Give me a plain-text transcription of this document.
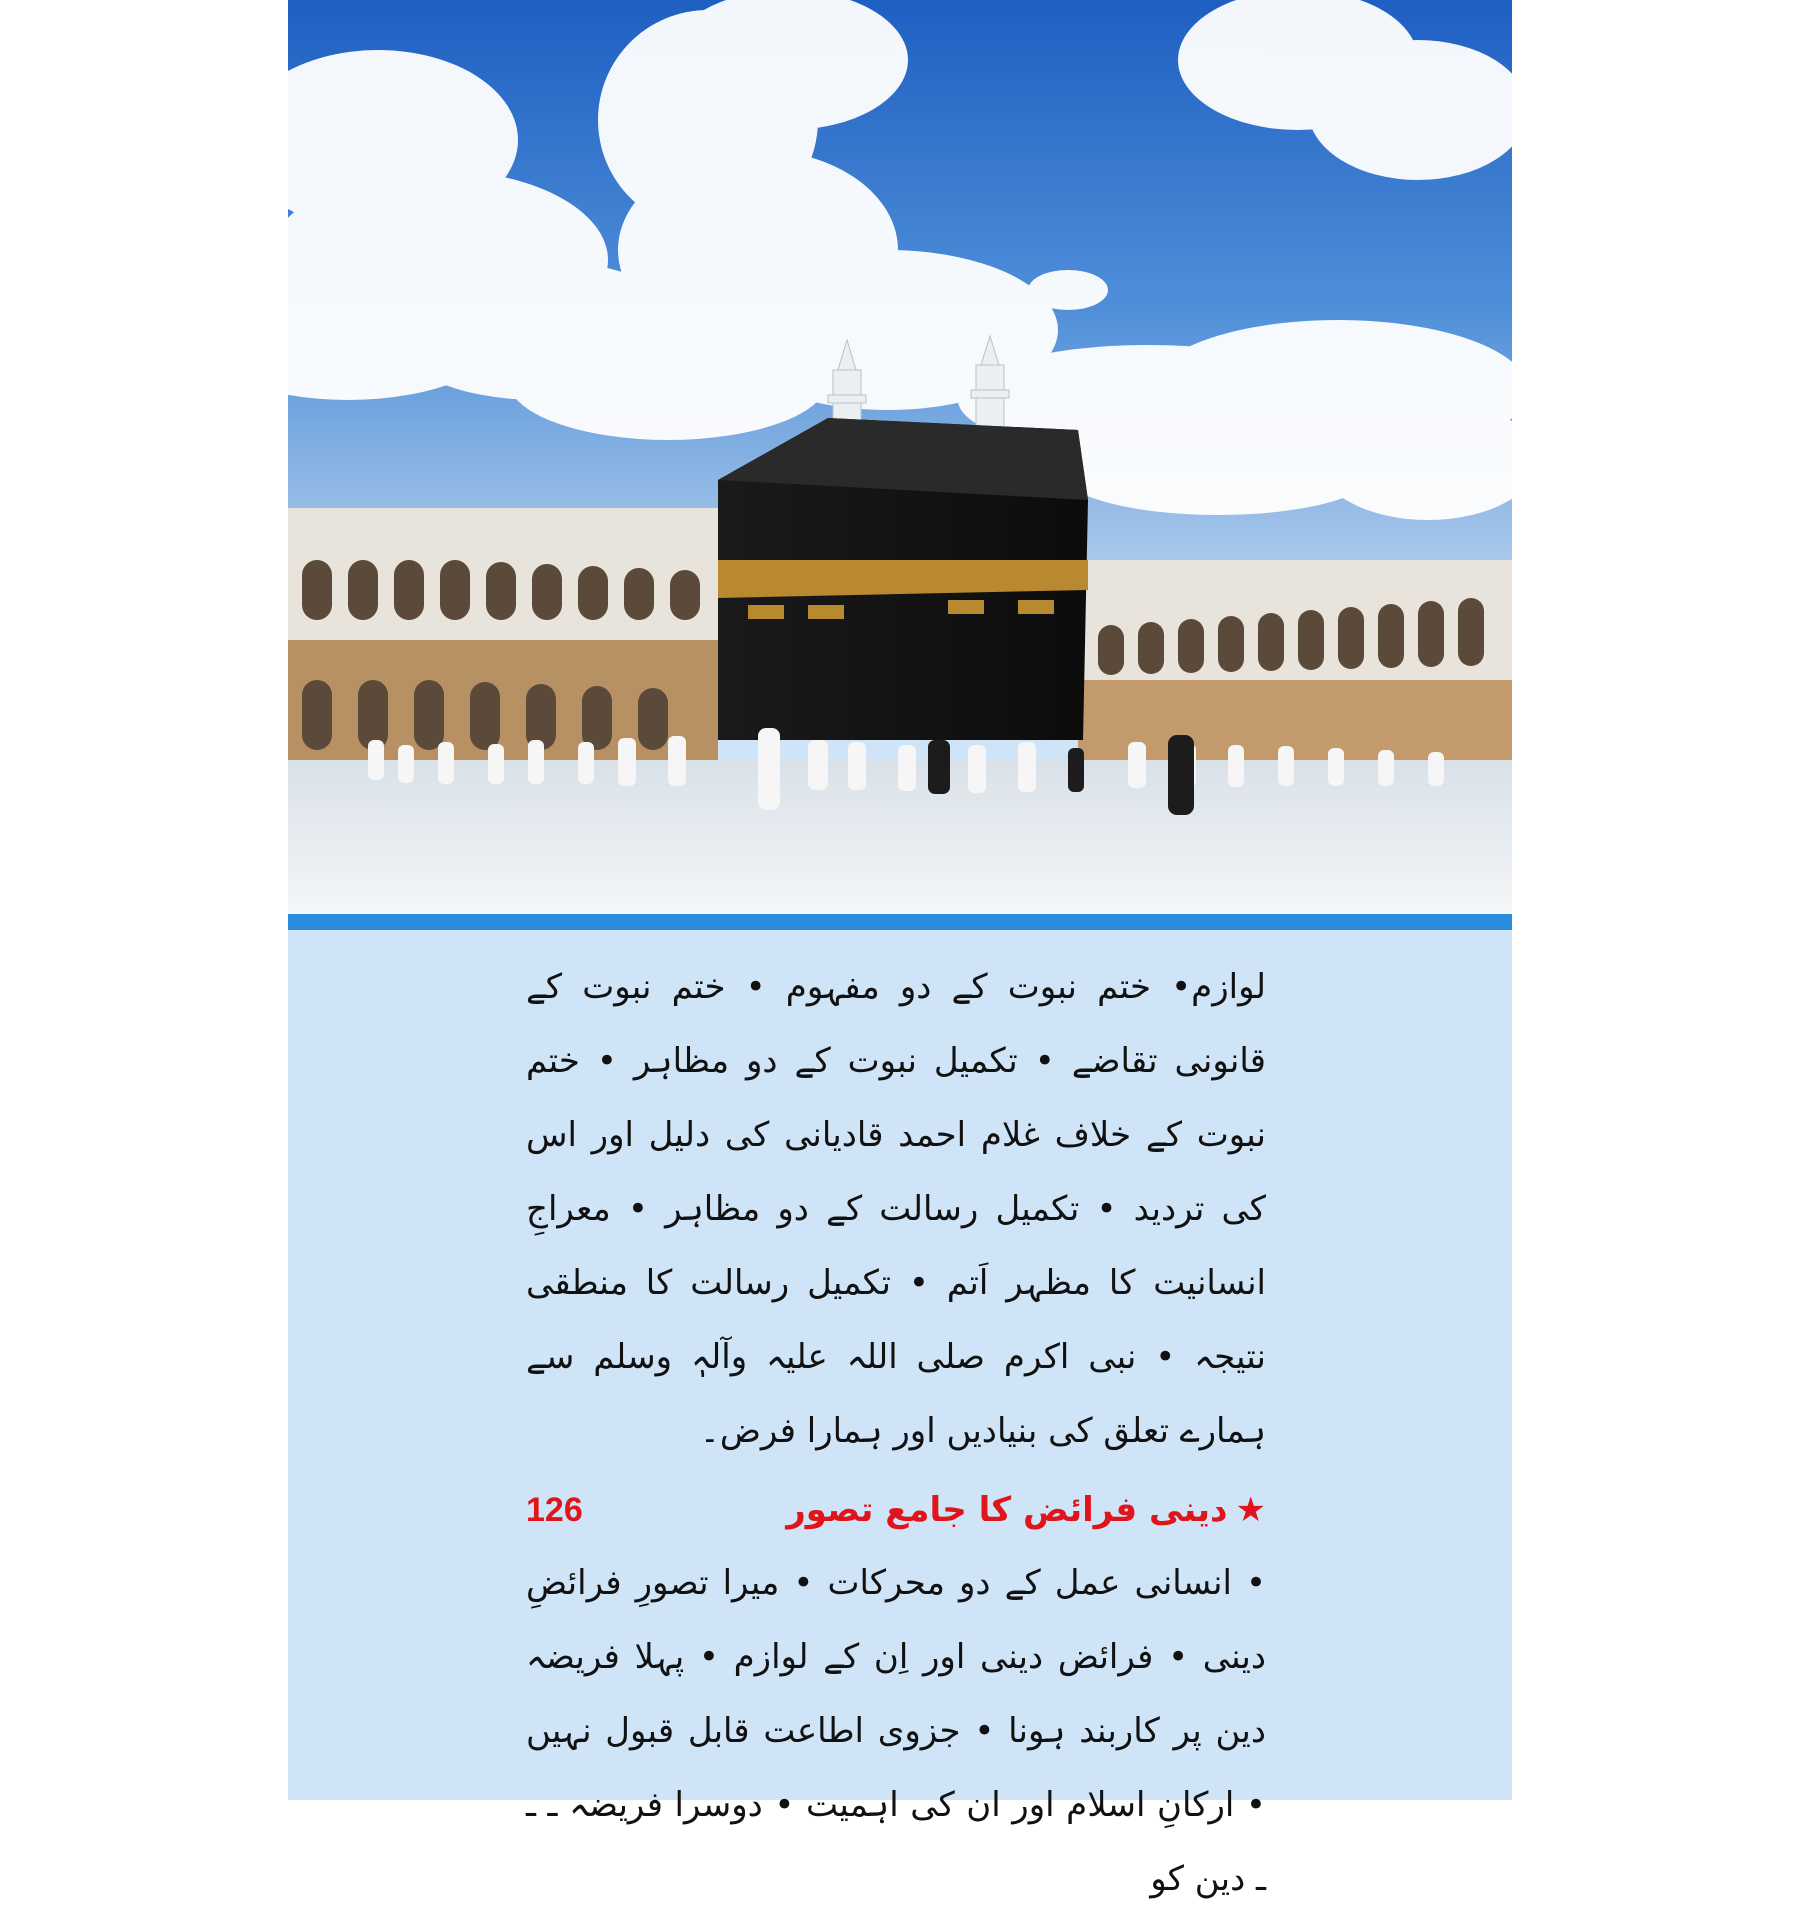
لوازم• ختم نبوت کے دو مفہوم • ختم نبوت کے قانونی تقاضے • تکمیل نبوت کے دو مظاہر • ختم نبوت کے خلاف غلام احمد قادیانی کی دلیل اور اس کی تردید • تکمیل رسالت کے دو مظاہر • معراجِ انسانیت کا مظہر اَتم • تکمیل رسالت کا منطقی نتیجہ • نبی اکرم صلی اللہ علیہ وآلہٖ وسلم سے ہمارے تعلق کی بنیادیں اور ہمارا فرض۔

★دینی فرائض کا جامع تصور
126

• انسانی عمل کے دو محرکات • میرا تصورِ فرائضِ دینی • فرائض دینی اور اِن کے لوازم • پہلا فریضہ دین پر کاربند ہونا • جزوی اطاعت قابل قبول نہیں • ارکانِ اسلام اور ان کی اہمیت • دوسرا فریضہ ـ ـ ـ دین کو
